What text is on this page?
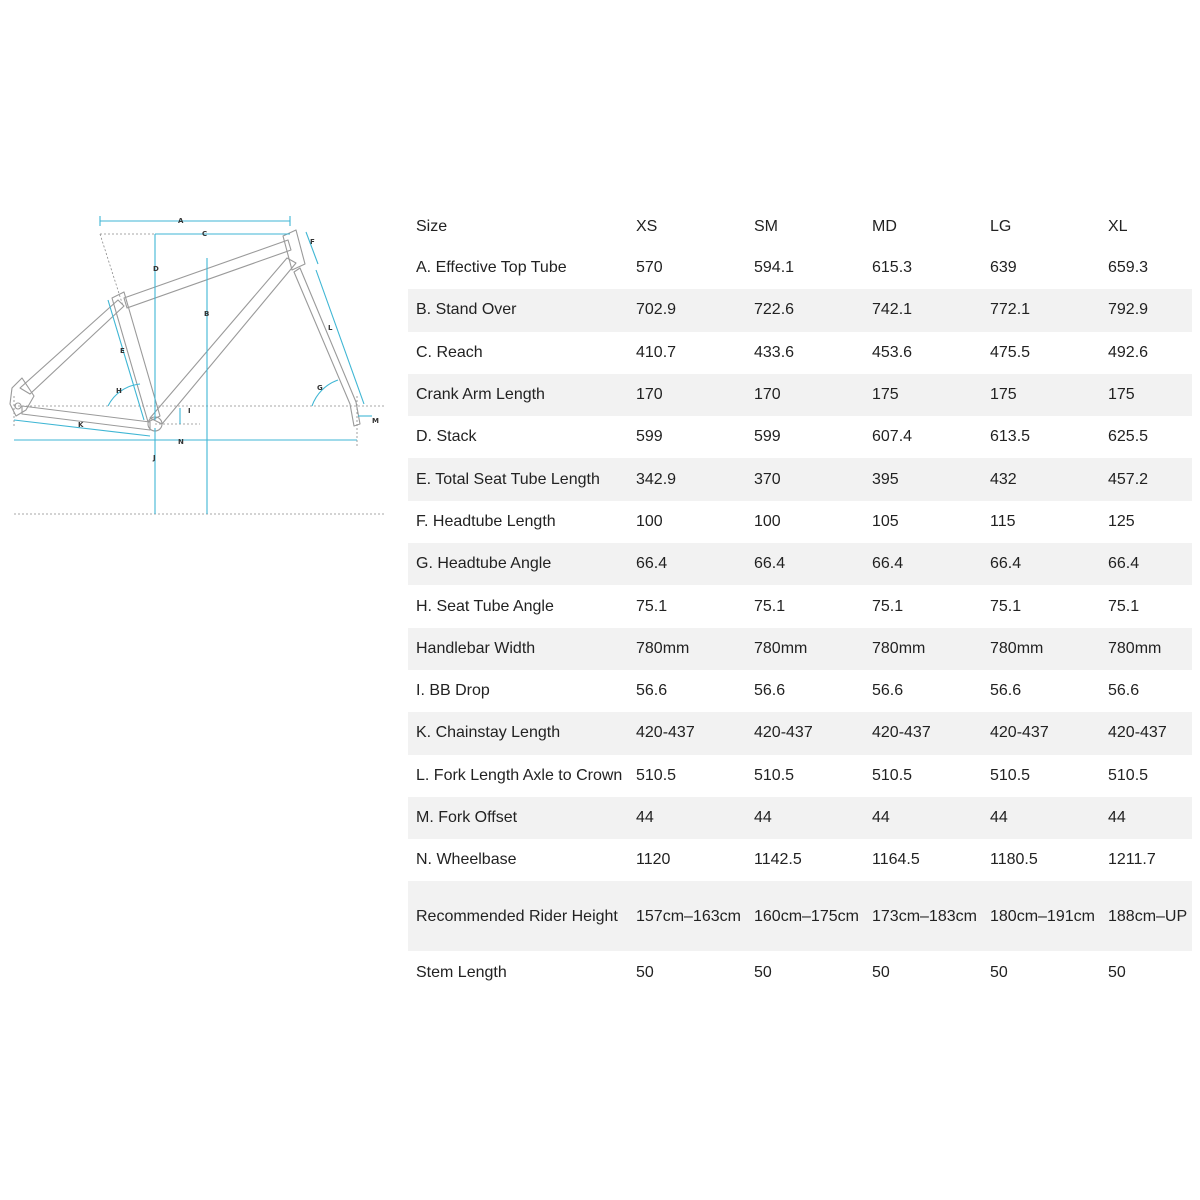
A
C
F
D
B
L
E
G
H
I
M
K
N
J
Size	XS	SM	MD	LG	XL
A. Effective Top Tube	570	594.1	615.3	639	659.3
B. Stand Over	702.9	722.6	742.1	772.1	792.9
C. Reach	410.7	433.6	453.6	475.5	492.6
Crank Arm Length	170	170	175	175	175
D. Stack	599	599	607.4	613.5	625.5
E. Total Seat Tube Length	342.9	370	395	432	457.2
F. Headtube Length	100	100	105	115	125
G. Headtube Angle	66.4	66.4	66.4	66.4	66.4
H. Seat Tube Angle	75.1	75.1	75.1	75.1	75.1
Handlebar Width	780mm	780mm	780mm	780mm	780mm
I. BB Drop	56.6	56.6	56.6	56.6	56.6
K. Chainstay Length	420-437	420-437	420-437	420-437	420-437
L. Fork Length Axle to Crown	510.5	510.5	510.5	510.5	510.5
M. Fork Offset	44	44	44	44	44
N. Wheelbase	1120	1142.5	1164.5	1180.5	1211.7
Recommended Rider Height	157cm–163cm	160cm–175cm	173cm–183cm	180cm–191cm	188cm–UP
Stem Length	50	50	50	50	50
